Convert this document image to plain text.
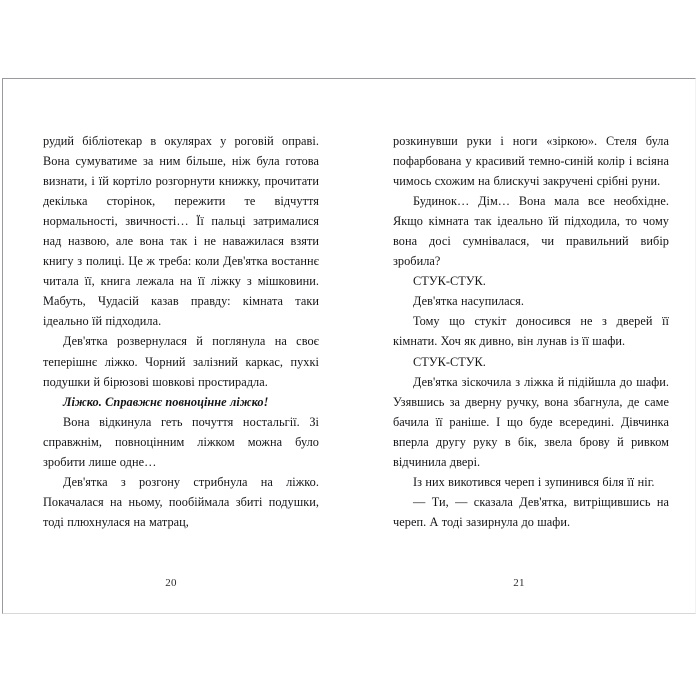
рудий бібліотекар в окулярах у роговій оправі. Вона сумуватиме за ним більше, ніж була готова визнати, і їй кортіло розгорнути книжку, прочитати декілька сторінок, пережити те відчуття нормальності, звичності… Її пальці затрималися над назвою, але вона так і не наважилася взяти книгу з полиці. Це ж треба: коли Дев'ятка востаннє читала її, книга лежала на її ліжку з мішковини. Мабуть, Чудасій казав правду: кімната таки ідеально їй підходила.

Дев'ятка розвернулася й поглянула на своє теперішнє ліжко. Чорний залізний каркас, пухкі подушки й бірюзові шовкові простирадла.

Ліжко. Справжнє повноцінне ліжко!

Вона відкинула геть почуття ностальгії. Зі справжнім, повноцінним ліжком можна було зробити лише одне…

Дев'ятка з розгону стрибнула на ліжко. Покачалася на ньому, пообіймала збиті подушки, тоді плюхнулася на матрац,

20

розкинувши руки і ноги «зіркою». Стеля була пофарбована у красивий темно-синій колір і всіяна чимось схожим на блискучі закручені срібні руни.

Будинок… Дім… Вона мала все необхідне. Якщо кімната так ідеально їй підходила, то чому вона досі сумнівалася, чи правильний вибір зробила?

СТУК-СТУК.

Дев'ятка насупилася.

Тому що стукіт доносився не з дверей її кімнати. Хоч як дивно, він лунав із її шафи.

СТУК-СТУК.

Дев'ятка зіскочила з ліжка й підійшла до шафи. Узявшись за дверну ручку, вона збагнула, де саме бачила її раніше. І що буде всередині. Дівчинка вперла другу руку в бік, звела брову й ривком відчинила двері.

Із них викотився череп і зупинився біля її ніг.

— Ти, — сказала Дев'ятка, витріщившись на череп. А тоді зазирнула до шафи.

21
